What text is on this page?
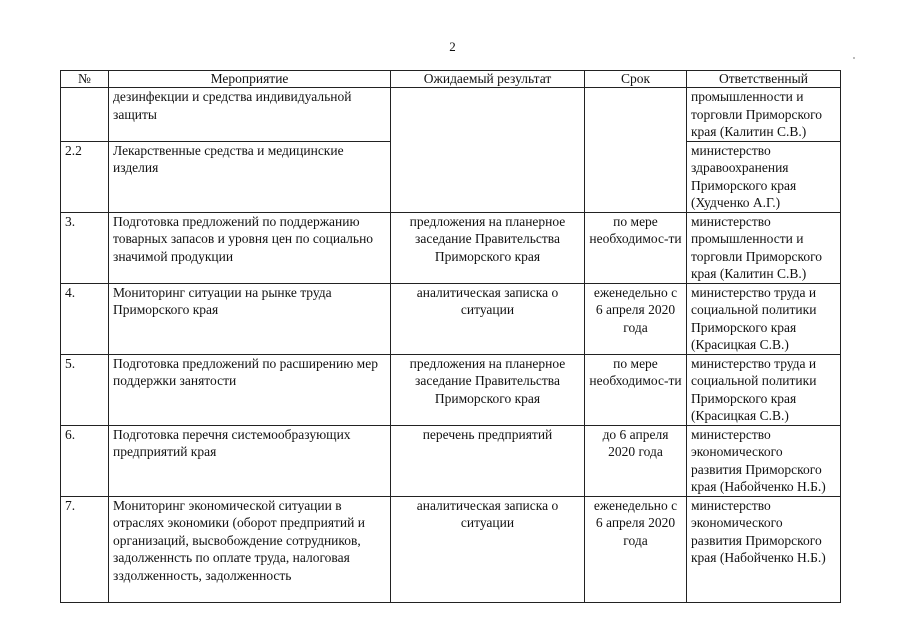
2
№	Мероприятие	Ожидаемый результат	Срок	Ответственный
	дезинфекции и средства индивидуальной защиты			промышленности и торговли Приморского края (Калитин С.В.)
2.2	Лекарственные средства и медицинские изделия			министерство здравоохранения Приморского края (Худченко А.Г.)
3.	Подготовка предложений по поддержанию товарных запасов и уровня цен по социально значимой продукции	предложения на планерное заседание Правительства Приморского края	по мере необходимос-ти	министерство промышленности и торговли Приморского края (Калитин С.В.)
4.	Мониторинг ситуации на рынке труда Приморского края	аналитическая записка о ситуации	еженедельно с 6 апреля 2020 года	министерство труда и социальной политики Приморского края (Красицкая С.В.)
5.	Подготовка предложений по расширению мер поддержки занятости	предложения на планерное заседание Правительства Приморского края	по мере необходимос-ти	министерство труда и социальной политики Приморского края (Красицкая С.В.)
6.	Подготовка перечня системообразующих предприятий края	перечень предприятий	до 6 апреля 2020 года	министерство экономического развития Приморского края (Набойченко Н.Б.)
7.	Мониторинг экономической ситуации в отраслях экономики (оборот предприятий и организаций, высвобождение сотрудников, задолженнсть по оплате труда, налоговая зздолженность, задолженность	аналитическая записка о ситуации	еженедельно с 6 апреля 2020 года	министерство экономического развития Приморского края (Набойченко Н.Б.)
